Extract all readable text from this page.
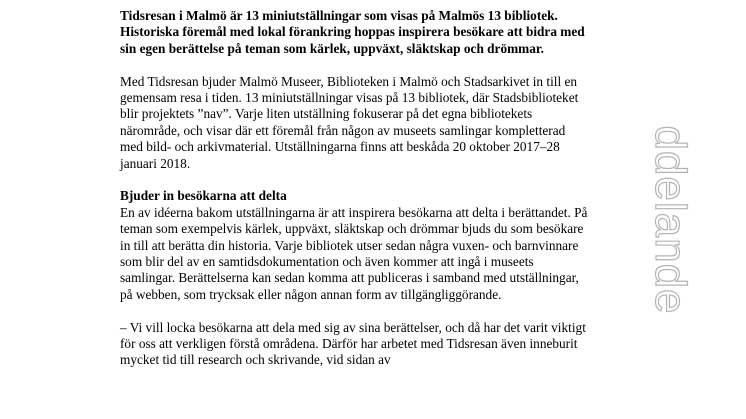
Tidsresan i Malmö är 13 miniutställningar som visas på Malmös 13 bibliotek. Historiska föremål med lokal förankring hoppas inspirera besökare att bidra med sin egen berättelse på teman som kärlek, uppväxt, släktskap och drömmar.

Med Tidsresan bjuder Malmö Museer, Biblioteken i Malmö och Stadsarkivet in till en gemensam resa i tiden. 13 miniutställningar visas på 13 bibliotek, där Stadsbiblioteket blir projektets ”nav”. Varje liten utställning fokuserar på det egna bibliotekets närområde, och visar där ett föremål från någon av museets samlingar kompletterad med bild- och arkivmaterial. Utställningarna finns att beskåda 20 oktober 2017–28 januari 2018.

Bjuder in besökarna att delta

En av idéerna bakom utställningarna är att inspirera besökarna att delta i berättandet. På teman som exempelvis kärlek, uppväxt, släktskap och drömmar bjuds du som besökare in till att berätta din historia. Varje bibliotek utser sedan några vuxen- och barnvinnare som blir del av en samtidsdokumentation och även kommer att ingå i museets samlingar. Berättelserna kan sedan komma att publiceras i samband med utställningar, på webben, som trycksak eller någon annan form av tillgängliggörande.

– Vi vill locka besökarna att dela med sig av sina berättelser, och då har det varit viktigt för oss att verkligen förstå områdena. Därför har arbetet med Tidsresan även inneburit mycket tid till research och skrivande, vid sidan av

ddelande
